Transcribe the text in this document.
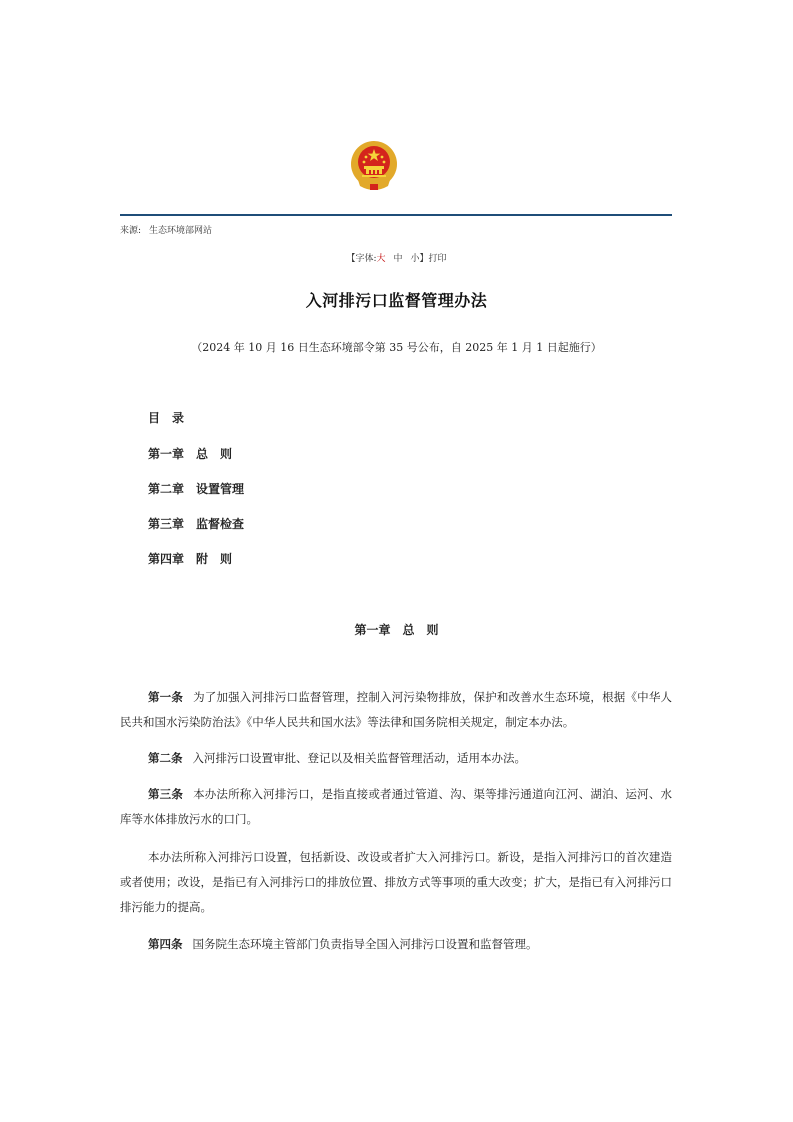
来源: 生态环境部网站
【字体:大 中 小】打印
入河排污口监督管理办法
（2024 年 10 月 16 日生态环境部令第 35 号公布，自 2025 年 1 月 1 日起施行）
目　录
第一章 总　则
第二章 设置管理
第三章 监督检查
第四章 附　则
第一章　总　则
第一条 为了加强入河排污口监督管理，控制入河污染物排放，保护和改善水生态环境，根据《中华人民共和国水污染防治法》《中华人民共和国水法》等法律和国务院相关规定，制定本办法。
第二条 入河排污口设置审批、登记以及相关监督管理活动，适用本办法。
第三条 本办法所称入河排污口，是指直接或者通过管道、沟、渠等排污通道向江河、湖泊、运河、水库等水体排放污水的口门。
本办法所称入河排污口设置，包括新设、改设或者扩大入河排污口。新设，是指入河排污口的首次建造或者使用；改设，是指已有入河排污口的排放位置、排放方式等事项的重大改变；扩大，是指已有入河排污口排污能力的提高。
第四条 国务院生态环境主管部门负责指导全国入河排污口设置和监督管理。
